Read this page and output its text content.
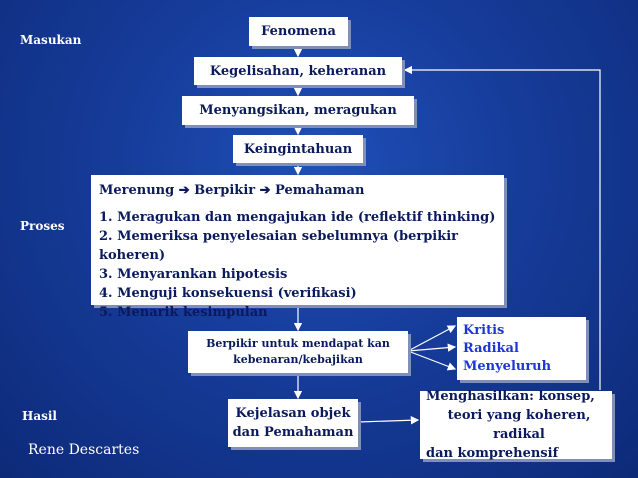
Masukan
Proses
Hasil
Fenomena
Kegelisahan, keheranan
Menyangsikan, meragukan
Keingintahuan
Merenung ➔ Berpikir ➔ Pemahaman
1. Meragukan dan mengajukan ide (reflektif thinking)
2. Memeriksa penyelesaian sebelumnya (berpikir koheren)
3. Menyarankan hipotesis
4. Menguji konsekuensi (verifikasi)
5. Menarik kesimpulan
Berpikir untuk mendapat kan
kebenaran/kebajikan
Kritis
Radikal
Menyeluruh
Kejelasan objek
dan Pemahaman
Menghasilkan: konsep,
teori yang koheren, radikal
dan komprehensif
Rene Descartes
